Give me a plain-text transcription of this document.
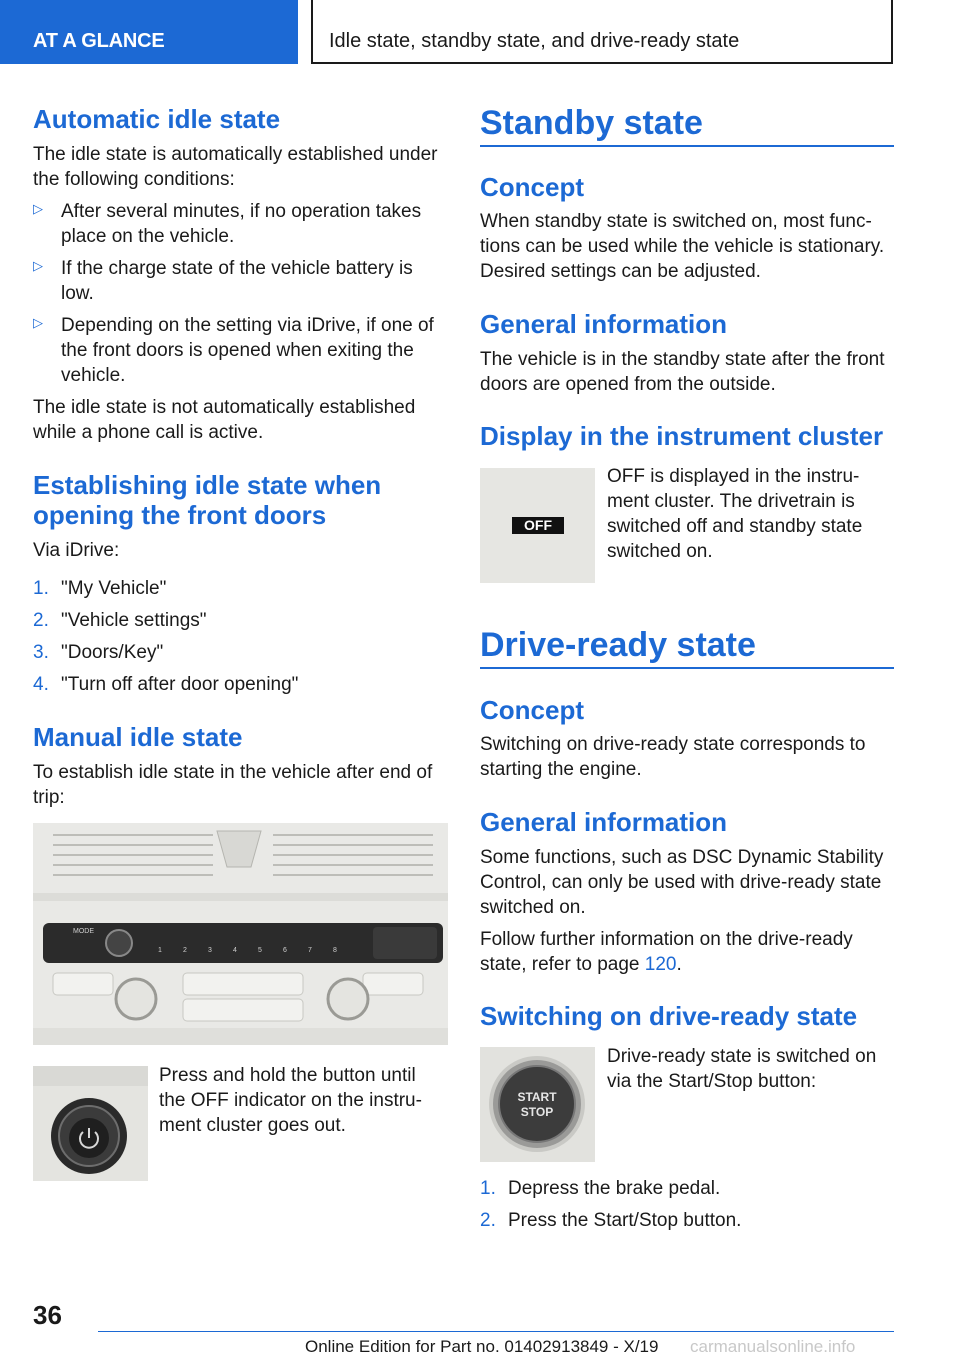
AT A GLANCE	Idle state, standby state, and drive-ready state
Automatic idle state
The idle state is automatically established under
the following conditions:
▷ After several minutes, if no operation takes
place on the vehicle.
▷ If the charge state of the vehicle battery is
low.
▷ Depending on the setting via iDrive, if one of
the front doors is opened when exiting the
vehicle.
The idle state is not automatically established
while a phone call is active.
Establishing idle state when
opening the front doors
Via iDrive:
1. "My Vehicle"
2. "Vehicle settings"
3. "Doors/Key"
4. "Turn off after door opening"
Manual idle state
To establish idle state in the vehicle after end of
trip:
MODE
1	2	3	4	5	6	7	8
Press and hold the button until
the OFF indicator on the instru-
ment cluster goes out.
Standby state
Concept
When standby state is switched on, most func-
tions can be used while the vehicle is stationary.
Desired settings can be adjusted.
General information
The vehicle is in the standby state after the front
doors are opened from the outside.
Display in the instrument cluster
OFF
OFF is displayed in the instru-
ment cluster. The drivetrain is
switched off and standby state
switched on.
Drive-ready state
Concept
Switching on drive-ready state corresponds to
starting the engine.
General information
Some functions, such as DSC Dynamic Stability
Control, can only be used with drive-ready state
switched on.
Follow further information on the drive-ready
state, refer to page 120.
Switching on drive-ready state
START
STOP
Drive-ready state is switched on
via the Start/Stop button:
1. Depress the brake pedal.
2. Press the Start/Stop button.
36
Online Edition for Part no. 01402913849 - X/19 carmanualsonline.info
